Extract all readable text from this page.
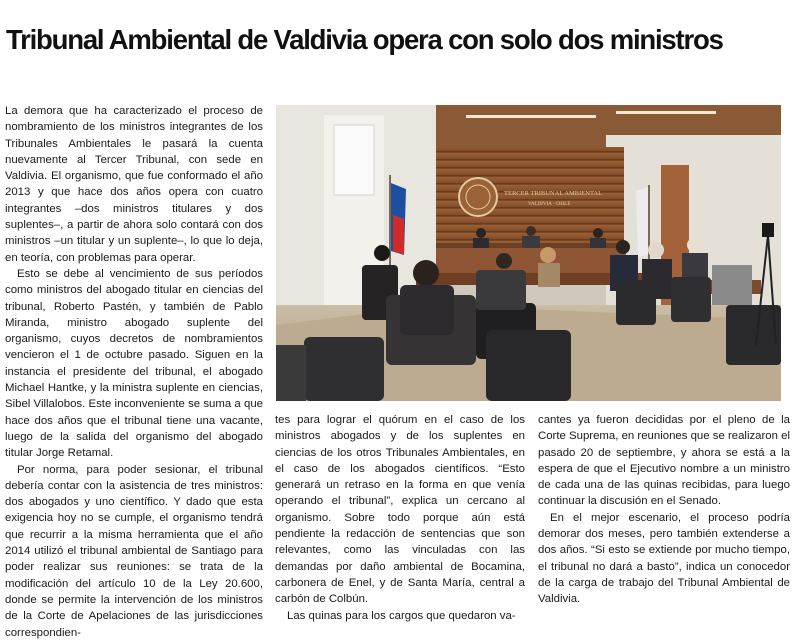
Tribunal Ambiental de Valdivia opera con solo dos ministros

La demora que ha caracterizado el proceso de nombramiento de los ministros integrantes de los Tribunales Ambientales le pasará la cuenta nuevamente al Tercer Tribunal, con sede en Valdivia. El organismo, que fue conformado el año 2013 y que hace dos años opera con cuatro integrantes –dos ministros titulares y dos suplentes–, a partir de ahora solo contará con dos ministros –un titular y un suplente–, lo que lo deja, en teoría, con problemas para operar.

Esto se debe al vencimiento de sus períodos como ministros del abogado titular en ciencias del tribunal, Roberto Pastén, y también de Pablo Miranda, ministro abogado suplente del organismo, cuyos decretos de nombramientos vencieron el 1 de octubre pasado. Siguen en la instancia el presidente del tribunal, el abogado Michael Hantke, y la ministra suplente en ciencias, Sibel Villalobos. Este inconveniente se suma a que hace dos años que el tribunal tiene una vacante, luego de la salida del organismo del abogado titular Jorge Retamal.

Por norma, para poder sesionar, el tribunal debería contar con la asistencia de tres ministros: dos abogados y uno científico. Y dado que esta exigencia hoy no se cumple, el organismo tendrá que recurrir a la misma herramienta que el año 2014 utilizó el tribunal ambiental de Santiago para poder realizar sus reuniones: se trata de la modificación del artículo 10 de la Ley 20.600, donde se permite la intervención de los ministros de la Corte de Apelaciones de las jurisdicciones correspondien-

TERCER TRIBUNAL AMBIENTAL
VALDIVIA · CHILE

tes para lograr el quórum en el caso de los ministros abogados y de los suplentes en ciencias de los otros Tribunales Ambientales, en el caso de los abogados científicos. “Esto generará un retraso en la forma en que venía operando el tribunal”, explica un cercano al organismo. Sobre todo porque aún está pendiente la redacción de sentencias que son relevantes, como las vinculadas con las demandas por daño ambiental de Bocamina, carbonera de Enel, y de Santa María, central a carbón de Colbún.

Las quinas para los cargos que quedaron va-

cantes ya fueron decididas por el pleno de la Corte Suprema, en reuniones que se realizaron el pasado 20 de septiembre, y ahora se está a la espera de que el Ejecutivo nombre a un ministro de cada una de las quinas recibidas, para luego continuar la discusión en el Senado.

En el mejor escenario, el proceso podría demorar dos meses, pero también extenderse a dos años. “Si esto se extiende por mucho tiempo, el tribunal no dará a basto”, indica un conocedor de la carga de trabajo del Tribunal Ambiental de Valdivia.
